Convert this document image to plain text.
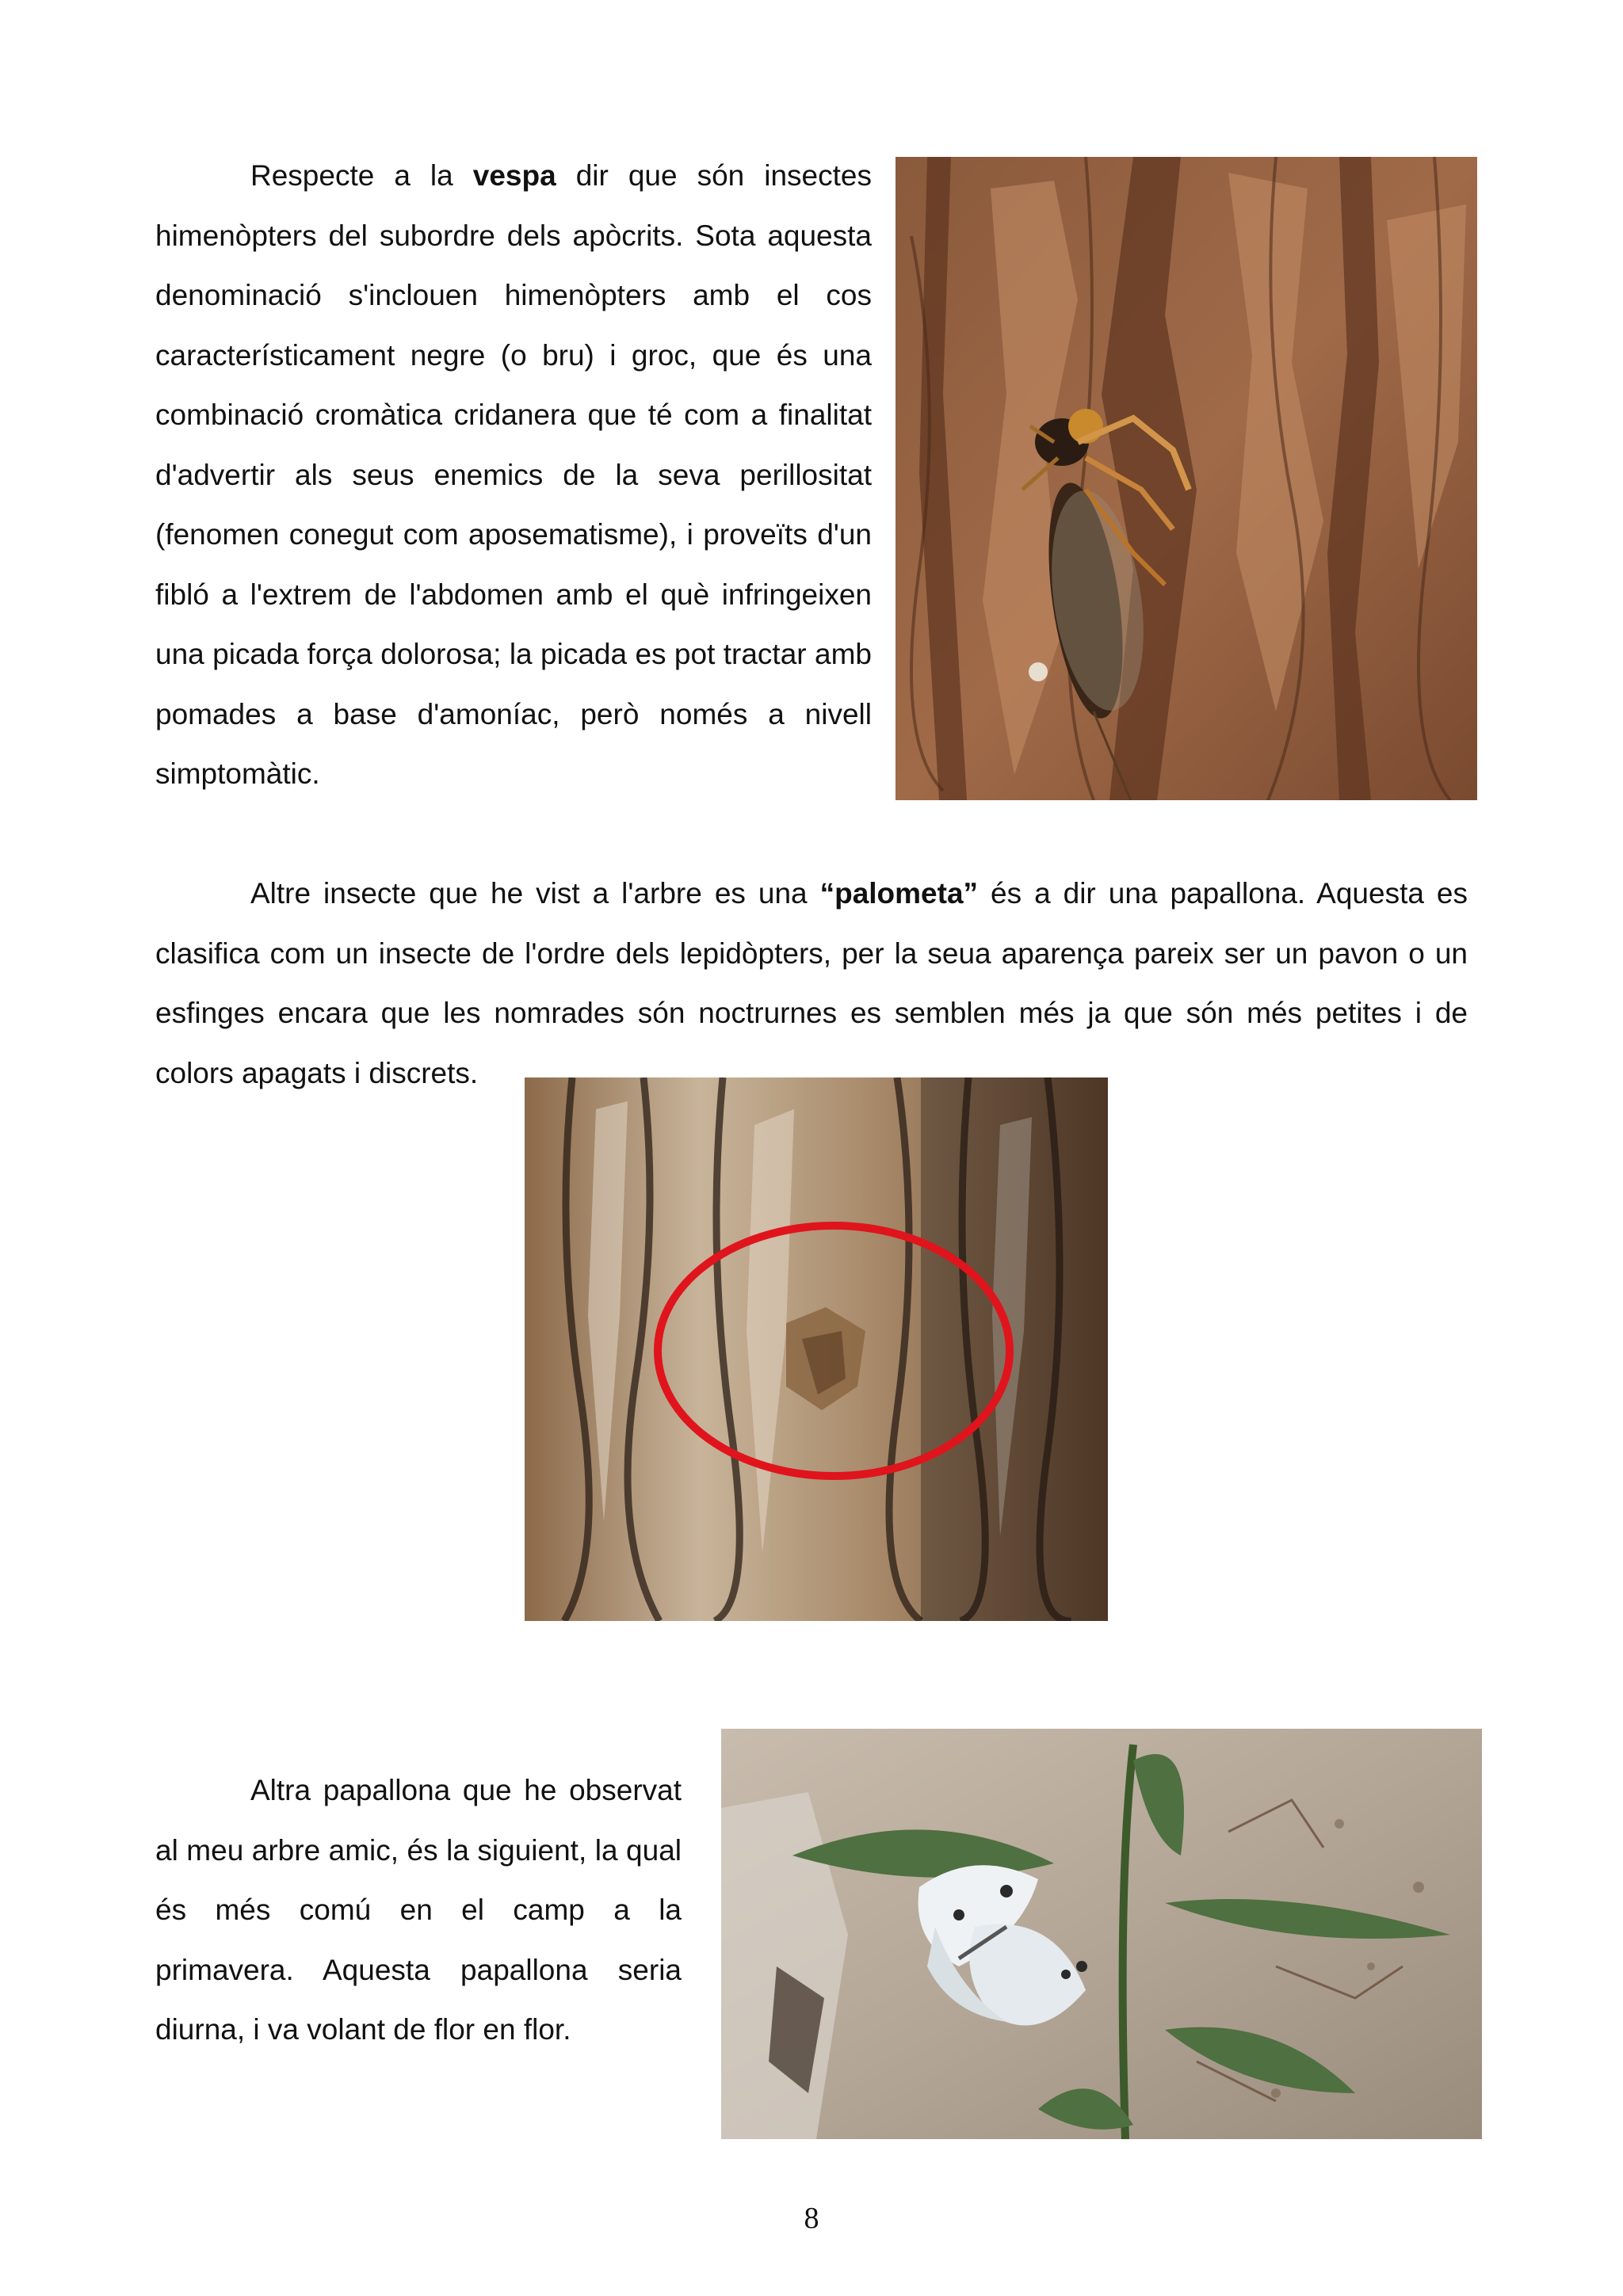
Respecte a la vespa dir que són insectes himenòpters del subordre dels apòcrits. Sota aquesta denominació s'inclouen himenòpters amb el cos característicament negre (o bru) i groc, que és una combinació cromàtica cridanera que té com a finalitat d'advertir als seus enemics de la seva perillositat (fenomen conegut com aposematisme), i proveïts d'un fibló a l'extrem de l'abdomen amb el què infringeixen una picada força dolorosa; la picada es pot tractar amb pomades a base d'amoníac, però només a nivell simptomàtic.

Altre insecte que he vist a l'arbre es una “palometa” és a dir una papallona. Aquesta es clasifica com un insecte de l'ordre dels lepidòpters, per la seua aparença pareix ser un pavon o un esfinges encara que les nomrades són noctrurnes es semblen més ja que són més petites i de colors apagats i discrets.

Altra papallona que he observat al meu arbre amic, és la siguient, la qual és més comú en el camp a la primavera. Aquesta papallona seria diurna, i va volant de flor en flor.

8
